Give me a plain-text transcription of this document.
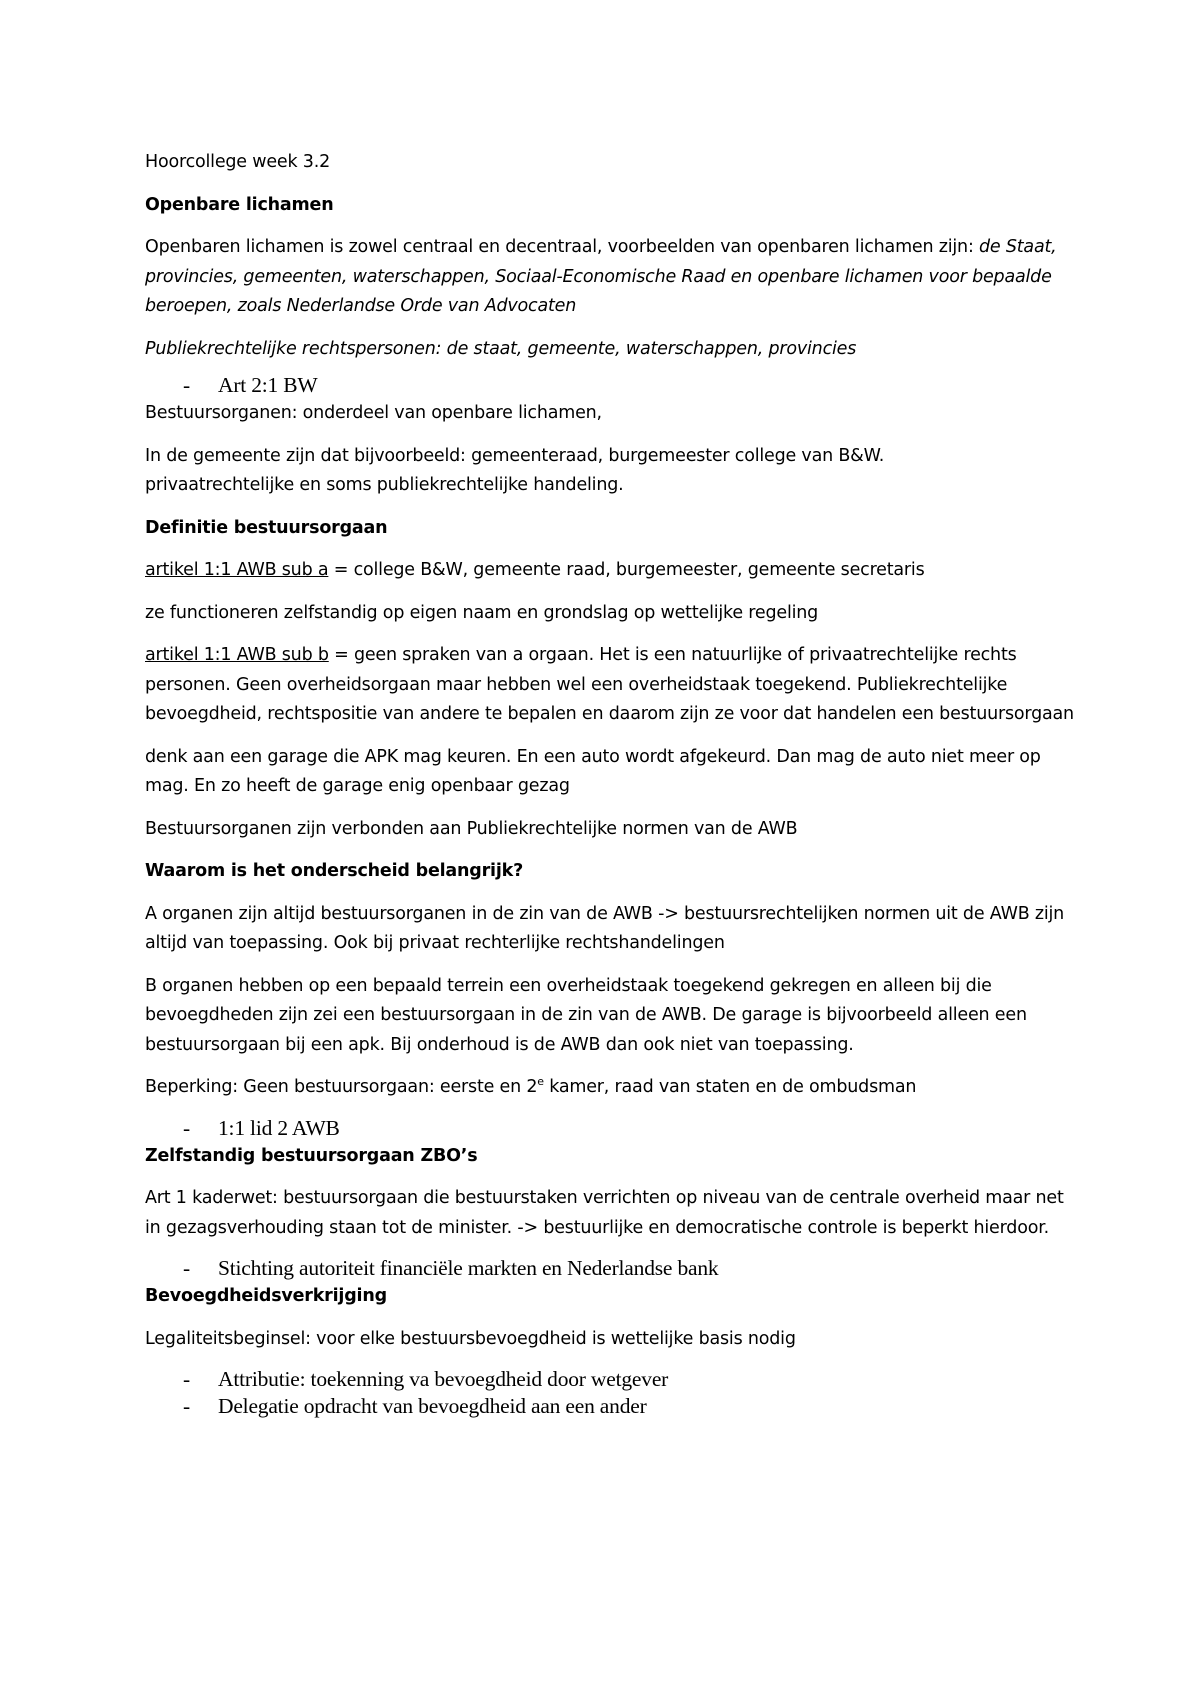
Hoorcollege week 3.2

Openbare lichamen

Openbaren lichamen is zowel centraal en decentraal, voorbeelden van openbaren lichamen zijn: de Staat, provincies, gemeenten, waterschappen, Sociaal-Economische Raad en openbare lichamen voor bepaalde beroepen, zoals Nederlandse Orde van Advocaten

Publiekrechtelijke rechtspersonen: de staat, gemeente, waterschappen, provincies

-	Art 2:1 BW

Bestuursorganen: onderdeel van openbare lichamen,

In de gemeente zijn dat bijvoorbeeld: gemeenteraad, burgemeester college van B&W.
privaatrechtelijke en soms publiekrechtelijke handeling.

Definitie bestuursorgaan

artikel 1:1 AWB sub a = college B&W, gemeente raad, burgemeester, gemeente secretaris

ze functioneren zelfstandig op eigen naam en grondslag op wettelijke regeling

artikel 1:1 AWB sub b = geen spraken van a orgaan. Het is een natuurlijke of privaatrechtelijke rechts personen. Geen overheidsorgaan maar hebben wel een overheidstaak toegekend. Publiekrechtelijke bevoegdheid, rechtspositie van andere te bepalen en daarom zijn ze voor dat handelen een bestuursorgaan

denk aan een garage die APK mag keuren. En een auto wordt afgekeurd. Dan mag de auto niet meer op mag. En zo heeft de garage enig openbaar gezag

Bestuursorganen zijn verbonden aan Publiekrechtelijke normen van de AWB

Waarom is het onderscheid belangrijk?

A organen zijn altijd bestuursorganen in de zin van de AWB -> bestuursrechtelijken normen uit de AWB zijn altijd van toepassing. Ook bij privaat rechterlijke rechtshandelingen

B organen hebben op een bepaald terrein een overheidstaak toegekend gekregen en alleen bij die bevoegdheden zijn zei een bestuursorgaan in de zin van de AWB. De garage is bijvoorbeeld alleen een bestuursorgaan bij een apk. Bij onderhoud is de AWB dan ook niet van toepassing.

Beperking: Geen bestuursorgaan: eerste en 2e kamer, raad van staten en de ombudsman

-	1:1 lid 2 AWB

Zelfstandig bestuursorgaan ZBO’s

Art 1 kaderwet: bestuursorgaan die bestuurstaken verrichten op niveau van de centrale overheid maar net in gezagsverhouding staan tot de minister. -> bestuurlijke en democratische controle is beperkt hierdoor.

-	Stichting autoriteit financiële markten en Nederlandse bank

Bevoegdheidsverkrijging

Legaliteitsbeginsel: voor elke bestuursbevoegdheid is wettelijke basis nodig

-	Attributie: toekenning va bevoegdheid door wetgever
-	Delegatie opdracht van bevoegdheid aan een ander
